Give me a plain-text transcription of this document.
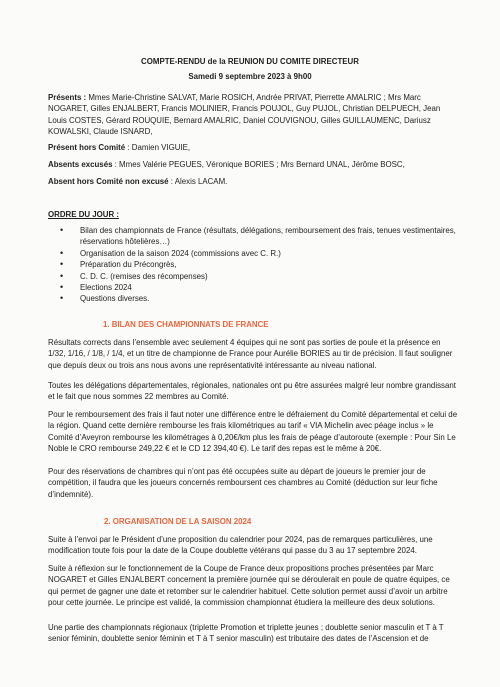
COMPTE-RENDU de la REUNION DU COMITE DIRECTEUR
Samedi 9 septembre 2023 à 9h00
Présents : Mmes Marie-Christine SALVAT, Marie ROSICH, Andrée PRIVAT, Pierrette AMALRIC ; Mrs Marc NOGARET, Gilles ENJALBERT, Francis MOLINIER, Francis POUJOL, Guy PUJOL, Christian DELPUECH, Jean Louis COSTES, Gérard ROUQUIE, Bernard AMALRIC, Daniel COUVIGNOU, Gilles GUILLAUMENC, Dariusz KOWALSKI, Claude ISNARD,
Présent hors Comité : Damien VIGUIE,
Absents excusés : Mmes Valérie PEGUES, Véronique BORIES ; Mrs Bernard UNAL, Jérôme BOSC,
Absent hors Comité non excusé : Alexis LACAM.
ORDRE DU JOUR :
• Bilan des championnats de France (résultats, délégations, remboursement des frais, tenues vestimentaires, réservations hôtelières…)
• Organisation de la saison 2024 (commissions avec C. R.)
• Préparation du Précongrès,
• C. D. C. (remises des récompenses)
• Elections 2024
• Questions diverses.
1. BILAN DES CHAMPIONNATS DE FRANCE
Résultats corrects dans l’ensemble avec seulement 4 équipes qui ne sont pas sorties de poule et la présence en 1/32, 1/16, / 1/8, / 1/4, et un titre de championne de France pour Aurélie BORIES au tir de précision. Il faut souligner que depuis deux ou trois ans nous avons une représentativité intéressante au niveau national.
Toutes les délégations départementales, régionales, nationales ont pu être assurées malgré leur nombre grandissant et le fait que nous sommes 22 membres au Comité.
Pour le remboursement des frais il faut noter une différence entre le défraiement du Comité départemental et celui de la région. Quand cette dernière rembourse les frais kilométriques au tarif « VIA Michelin avec péage inclus » le Comité d’Aveyron rembourse les kilométrages à 0,20€/km plus les frais de péage d’autoroute (exemple : Pour Sin Le Noble le CRO rembourse 249,22 € et le CD 12 394,40 €). Le tarif des repas est le même à 20€.
Pour des réservations de chambres qui n’ont pas été occupées suite au départ de joueurs le premier jour de compétition, il faudra que les joueurs concernés remboursent ces chambres au Comité (déduction sur leur fiche d’indemnité).
2. ORGANISATION DE LA SAISON 2024
Suite à l’envoi par le Président d’une proposition du calendrier pour 2024, pas de remarques particulières, une modification toute fois pour la date de la Coupe doublette vétérans qui passe du 3 au 17 septembre 2024.
Suite à réflexion sur le fonctionnement de la Coupe de France deux propositions proches présentées par Marc NOGARET et Gilles ENJALBERT concernent la première journée qui se déroulerait en poule de quatre équipes, ce qui permet de gagner une date et retomber sur le calendrier habituel. Cette solution permet aussi d’avoir un arbitre pour cette journée. Le principe est validé, la commission championnat étudiera la meilleure des deux solutions.
Une partie des championnats régionaux (triplette Promotion et triplette jeunes ; doublette senior masculin et T à T senior féminin, doublette senior féminin et T à T senior masculin) est tributaire des dates de l’Ascension et de
